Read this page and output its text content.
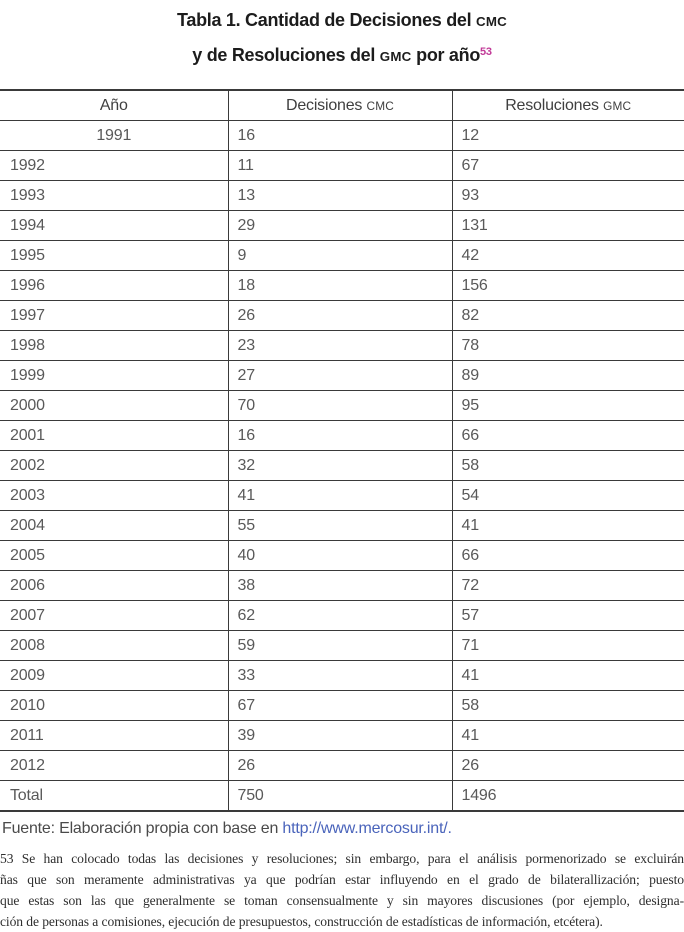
Tabla 1. Cantidad de Decisiones del CMC
y de Resoluciones del GMC por año$^{53}$
Año	Decisiones CMC	Resoluciones GMC
1991	16	12
1992	11	67
1993	13	93
1994	29	131
1995	9	42
1996	18	156
1997	26	82
1998	23	78
1999	27	89
2000	70	95
2001	16	66
2002	32	58
2003	41	54
2004	55	41
2005	40	66
2006	38	72
2007	62	57
2008	59	71
2009	33	41
2010	67	58
2011	39	41
2012	26	26
Total	750	1496
Fuente: Elaboración propia con base en http://www.mercosur.int/.
53 Se han colocado todas las decisiones y resoluciones; sin embargo, para el análisis pormenorizado se excluirán
ñas que son meramente administrativas ya que podrían estar influyendo en el grado de bilaterallización; puesto
que estas son las que generalmente se toman consensualmente y sin mayores discusiones (por ejemplo, designa-
ción de personas a comisiones, ejecución de presupuestos, construcción de estadísticas de información, etcétera).
